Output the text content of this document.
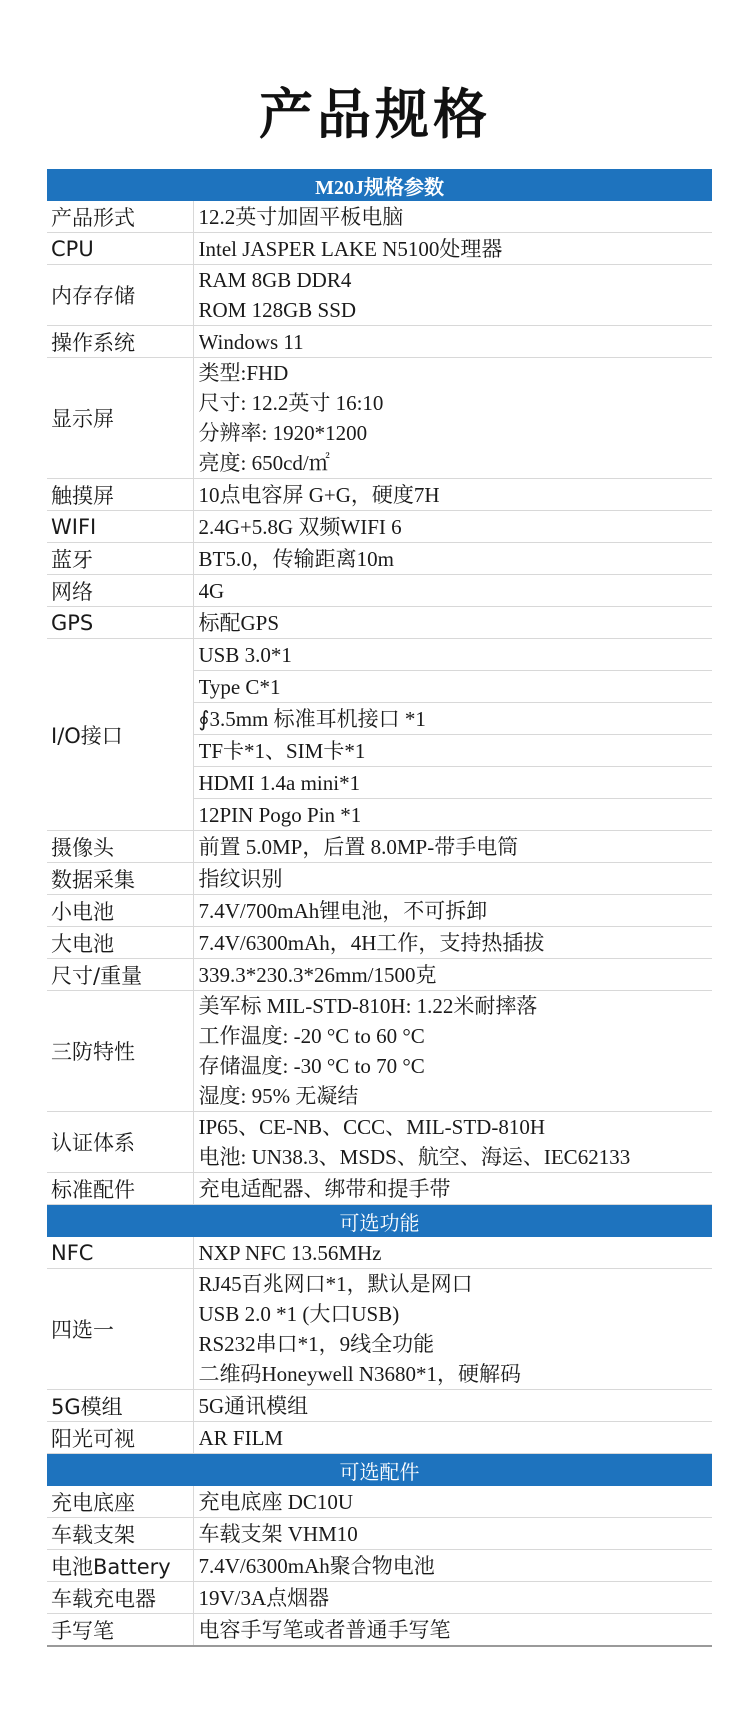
产品规格
M20J规格参数	
产品形式	12.2英寸加固平板电脑

CPU	Intel JASPER LAKE N5100处理器

内存存储	RAM 8GB DDR4
ROM 128GB SSD

操作系统	Windows 11

显示屏	类型:FHD
尺寸: 12.2英寸 16:10
分辨率: 1920*1200
亮度: 650cd/㎡

触摸屏	10点电容屏 G+G，硬度7H

WIFI	2.4G+5.8G 双频WIFI 6

蓝牙	BT5.0，传输距离10m

网络	4G

GPS	标配GPS

I/O接口	USB 3.0*1

	Type C*1

	∮3.5mm 标准耳机接口 *1

	TF卡*1、SIM卡*1

	HDMI 1.4a mini*1

	12PIN Pogo Pin *1

摄像头	前置 5.0MP，后置 8.0MP-带手电筒

数据采集	指纹识别

小电池	7.4V/700mAh锂电池，不可拆卸

大电池	7.4V/6300mAh，4H工作，支持热插拔

尺寸/重量	339.3*230.3*26mm/1500克

三防特性	美军标 MIL-STD-810H: 1.22米耐摔落
工作温度: -20 °C to 60 °C
存储温度: -30 °C to 70 °C
湿度: 95% 无凝结

认证体系	IP65、CE-NB、CCC、MIL-STD-810H
电池: UN38.3、MSDS、航空、海运、IEC62133

标准配件	充电适配器、绑带和提手带

可选功能	
NFC	NXP NFC 13.56MHz

四选一	RJ45百兆网口*1，默认是网口
USB 2.0 *1 (大口USB)
RS232串口*1，9线全功能
二维码Honeywell N3680*1，硬解码

5G模组	5G通讯模组

阳光可视	AR FILM

可选配件	
充电底座	充电底座 DC10U

车载支架	车载支架 VHM10

电池Battery	7.4V/6300mAh聚合物电池

车载充电器	19V/3A点烟器

手写笔	电容手写笔或者普通手写笔
